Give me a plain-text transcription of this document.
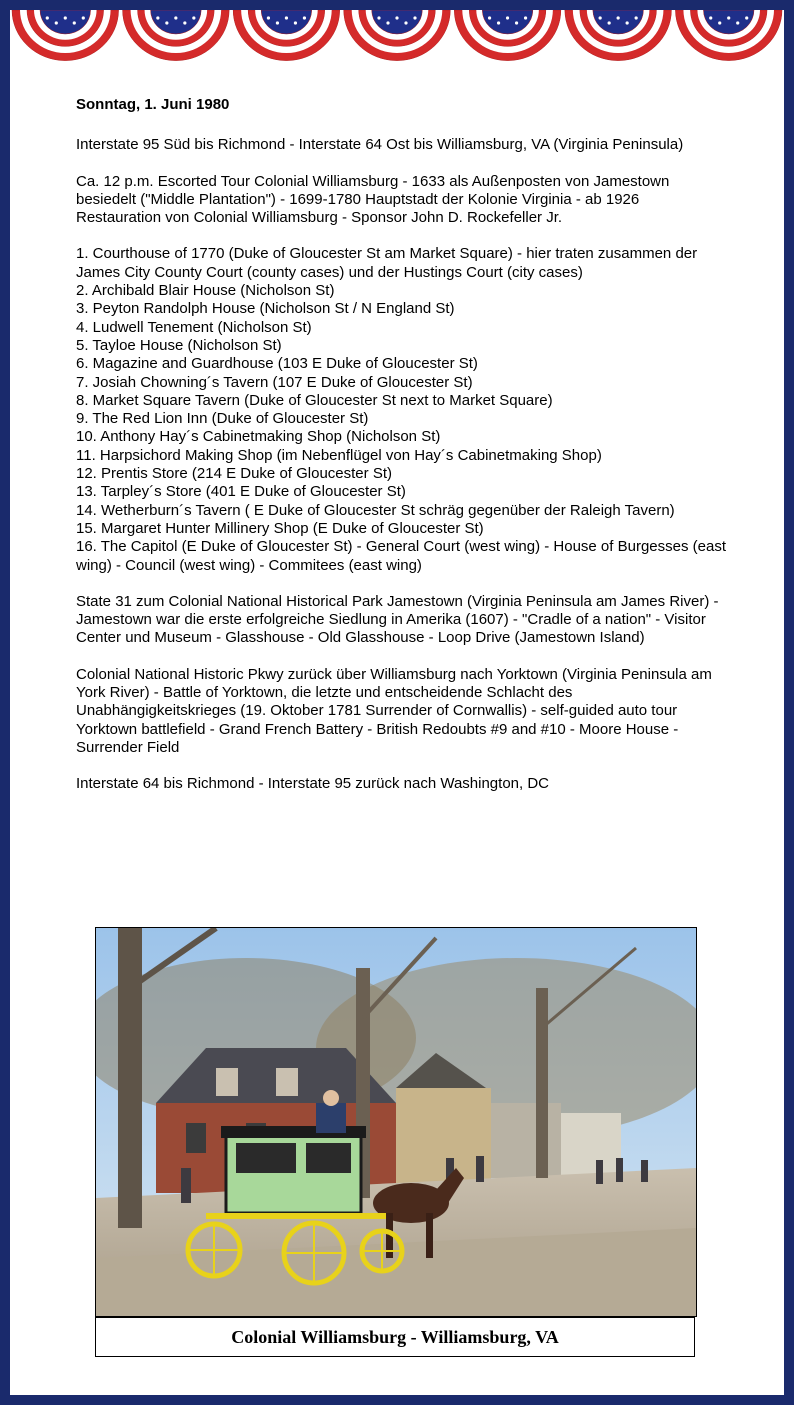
Sonntag, 1. Juni 1980

Interstate 95 Süd bis Richmond - Interstate 64 Ost bis Williamsburg, VA (Virginia Peninsula)

Ca. 12 p.m. Escorted Tour Colonial Williamsburg - 1633 als Außenposten von Jamestown besiedelt ("Middle Plantation") - 1699-1780 Hauptstadt der Kolonie Virginia - ab 1926 Restauration von Colonial Williamsburg - Sponsor John D. Rockefeller Jr.

1. Courthouse of 1770 (Duke of Gloucester St am Market Square) - hier traten zusammen der James City County Court (county cases) und der Hustings Court (city cases)
2. Archibald Blair House (Nicholson St)
3. Peyton Randolph House (Nicholson St / N England St)
4. Ludwell Tenement (Nicholson St)
5. Tayloe House (Nicholson St)
6. Magazine and Guardhouse (103 E Duke of Gloucester St)
7. Josiah Chowning´s Tavern (107 E Duke of Gloucester St)
8. Market Square Tavern (Duke of Gloucester St next to Market Square)
9. The Red Lion Inn (Duke of Gloucester St)
10. Anthony Hay´s Cabinetmaking Shop (Nicholson St)
11. Harpsichord Making Shop (im Nebenflügel von Hay´s Cabinetmaking Shop)
12. Prentis Store (214 E Duke of Gloucester St)
13. Tarpley´s Store (401 E Duke of Gloucester St)
14. Wetherburn´s Tavern ( E Duke of Gloucester St schräg gegenüber der Raleigh Tavern)
15. Margaret Hunter Millinery Shop (E Duke of Gloucester St)
16. The Capitol (E Duke of Gloucester St) - General Court (west wing) - House of Burgesses (east wing) - Council (west wing) - Commitees (east wing)

State 31 zum Colonial National Historical Park Jamestown (Virginia Peninsula am James River) - Jamestown war die erste erfolgreiche Siedlung in Amerika (1607) - "Cradle of a nation" - Visitor Center und Museum - Glasshouse - Old Glasshouse - Loop Drive (Jamestown Island)

Colonial National Historic Pkwy zurück über Williamsburg nach Yorktown (Virginia Peninsula am York River) - Battle of Yorktown, die letzte und entscheidende Schlacht des Unabhängigkeitskrieges (19. Oktober 1781 Surrender of Cornwallis) - self-guided auto tour Yorktown battlefield - Grand French Battery - British Redoubts #9 and #10 - Moore House - Surrender Field

Interstate 64 bis Richmond - Interstate 95 zurück nach Washington, DC

Colonial Williamsburg - Williamsburg, VA
